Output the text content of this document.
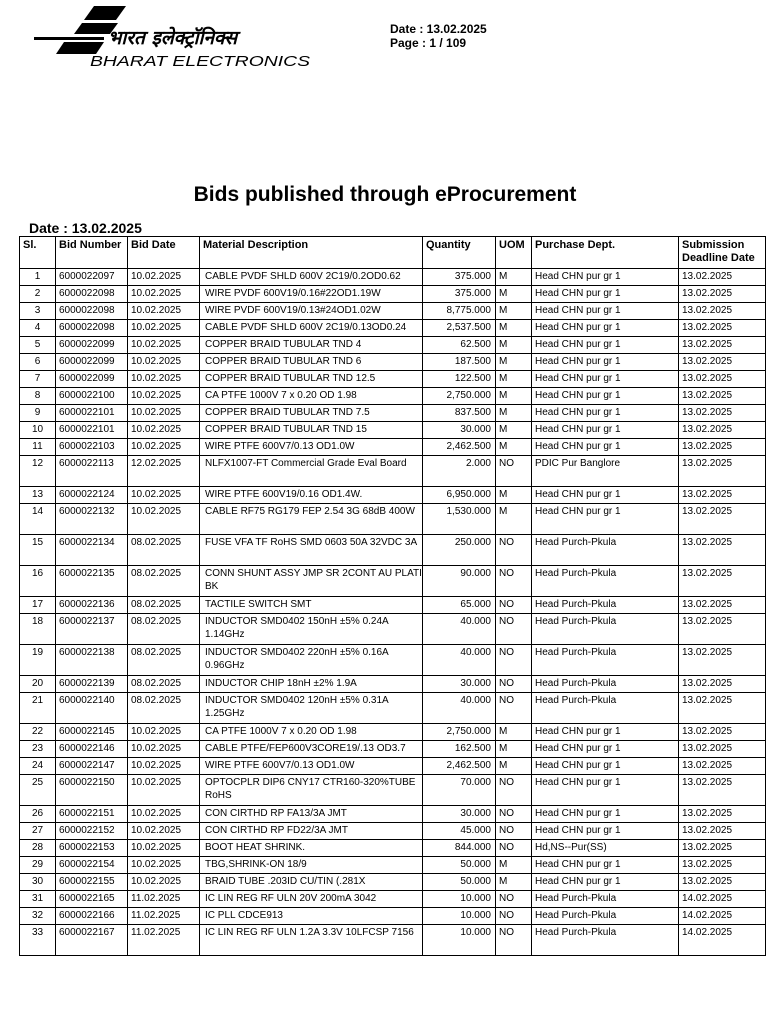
भारत इलेक्ट्रॉनिक्स
BHARAT ELECTRONICS
Date : 13.02.2025
Page : 1 / 109
Bids published through eProcurement
Date : 13.02.2025
Sl.	Bid Number	Bid Date	Material Description	Quantity	UOM	Purchase Dept.	Submission Deadline Date
1	6000022097	10.02.2025	CABLE PVDF SHLD 600V 2C19/0.2OD0.62	375.000	M	Head CHN pur gr 1	13.02.2025
2	6000022098	10.02.2025	WIRE PVDF 600V19/0.16#22OD1.19W	375.000	M	Head CHN pur gr 1	13.02.2025
3	6000022098	10.02.2025	WIRE PVDF 600V19/0.13#24OD1.02W	8,775.000	M	Head CHN pur gr 1	13.02.2025
4	6000022098	10.02.2025	CABLE PVDF SHLD 600V 2C19/0.13OD0.24	2,537.500	M	Head CHN pur gr 1	13.02.2025
5	6000022099	10.02.2025	COPPER BRAID TUBULAR TND 4	62.500	M	Head CHN pur gr 1	13.02.2025
6	6000022099	10.02.2025	COPPER BRAID TUBULAR TND 6	187.500	M	Head CHN pur gr 1	13.02.2025
7	6000022099	10.02.2025	COPPER BRAID TUBULAR TND 12.5	122.500	M	Head CHN pur gr 1	13.02.2025
8	6000022100	10.02.2025	CA PTFE 1000V 7 x 0.20 OD 1.98	2,750.000	M	Head CHN pur gr 1	13.02.2025
9	6000022101	10.02.2025	COPPER BRAID TUBULAR TND 7.5	837.500	M	Head CHN pur gr 1	13.02.2025
10	6000022101	10.02.2025	COPPER BRAID TUBULAR TND 15	30.000	M	Head CHN pur gr 1	13.02.2025
11	6000022103	10.02.2025	WIRE PTFE 600V7/0.13 OD1.0W	2,462.500	M	Head CHN pur gr 1	13.02.2025
12	6000022113	12.02.2025	NLFX1007-FT Commercial Grade Eval Board	2.000	NO	PDIC Pur Banglore	13.02.2025
13	6000022124	10.02.2025	WIRE PTFE 600V19/0.16 OD1.4W.	6,950.000	M	Head CHN pur gr 1	13.02.2025
14	6000022132	10.02.2025	CABLE RF75 RG179 FEP 2.54 3G 68dB 400W	1,530.000	M	Head CHN pur gr 1	13.02.2025
15	6000022134	08.02.2025	FUSE VFA TF RoHS SMD 0603 50A 32VDC 3A	250.000	NO	Head Purch-Pkula	13.02.2025
16	6000022135	08.02.2025	CONN SHUNT ASSY JMP SR 2CONT AU PLATI BK	90.000	NO	Head Purch-Pkula	13.02.2025
17	6000022136	08.02.2025	TACTILE SWITCH SMT	65.000	NO	Head Purch-Pkula	13.02.2025
18	6000022137	08.02.2025	INDUCTOR SMD0402 150nH ±5% 0.24A 1.14GHz	40.000	NO	Head Purch-Pkula	13.02.2025
19	6000022138	08.02.2025	INDUCTOR SMD0402 220nH ±5% 0.16A 0.96GHz	40.000	NO	Head Purch-Pkula	13.02.2025
20	6000022139	08.02.2025	INDUCTOR CHIP 18nH ±2% 1.9A	30.000	NO	Head Purch-Pkula	13.02.2025
21	6000022140	08.02.2025	INDUCTOR SMD0402 120nH ±5% 0.31A 1.25GHz	40.000	NO	Head Purch-Pkula	13.02.2025
22	6000022145	10.02.2025	CA PTFE 1000V 7 x 0.20 OD 1.98	2,750.000	M	Head CHN pur gr 1	13.02.2025
23	6000022146	10.02.2025	CABLE PTFE/FEP600V3CORE19/.13 OD3.7	162.500	M	Head CHN pur gr 1	13.02.2025
24	6000022147	10.02.2025	WIRE PTFE 600V7/0.13 OD1.0W	2,462.500	M	Head CHN pur gr 1	13.02.2025
25	6000022150	10.02.2025	OPTOCPLR DIP6 CNY17 CTR160-320%TUBE RoHS	70.000	NO	Head CHN pur gr 1	13.02.2025
26	6000022151	10.02.2025	CON CIRTHD RP FA13/3A JMT	30.000	NO	Head CHN pur gr 1	13.02.2025
27	6000022152	10.02.2025	CON CIRTHD RP FD22/3A JMT	45.000	NO	Head CHN pur gr 1	13.02.2025
28	6000022153	10.02.2025	BOOT HEAT SHRINK.	844.000	NO	Hd,NS--Pur(SS)	13.02.2025
29	6000022154	10.02.2025	TBG,SHRINK-ON 18/9	50.000	M	Head CHN pur gr 1	13.02.2025
30	6000022155	10.02.2025	BRAID TUBE .203ID CU/TIN (.281X	50.000	M	Head CHN pur gr 1	13.02.2025
31	6000022165	11.02.2025	IC LIN REG RF ULN 20V 200mA 3042	10.000	NO	Head Purch-Pkula	14.02.2025
32	6000022166	11.02.2025	IC PLL CDCE913	10.000	NO	Head Purch-Pkula	14.02.2025
33	6000022167	11.02.2025	IC LIN REG RF ULN 1.2A 3.3V 10LFCSP 7156	10.000	NO	Head Purch-Pkula	14.02.2025
